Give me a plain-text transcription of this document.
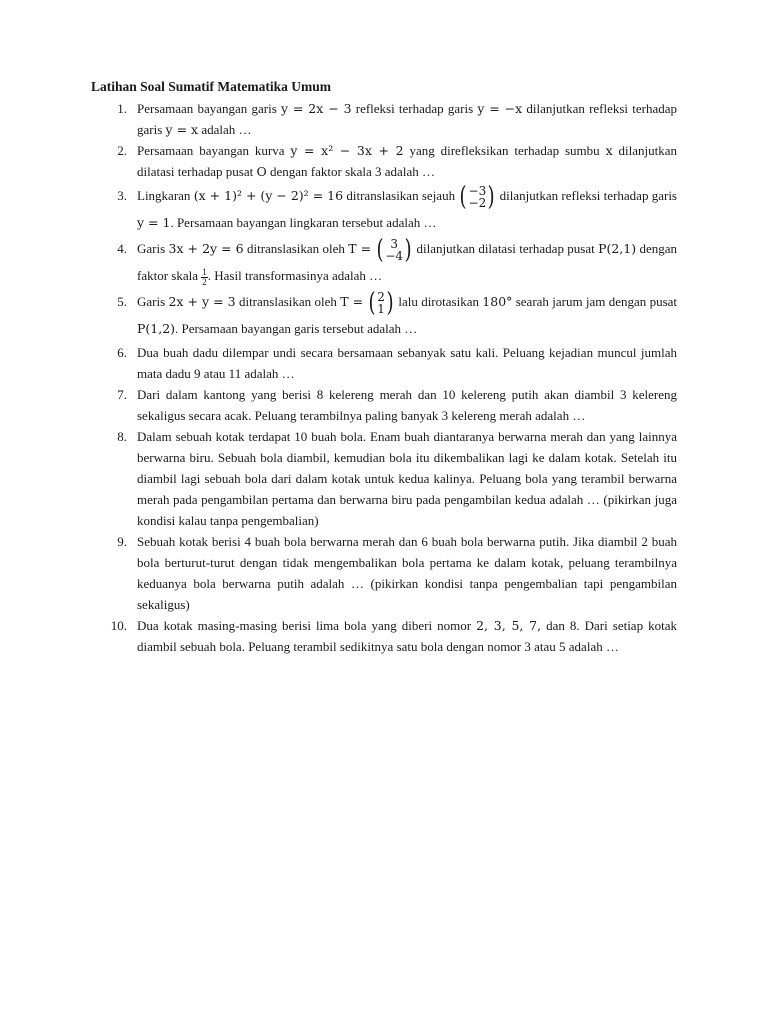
Latihan Soal Sumatif Matematika Umum
1. Persamaan bayangan garis y = 2x − 3 refleksi terhadap garis y = −x dilanjutkan refleksi terhadap garis y = x adalah …
2. Persamaan bayangan kurva y = x² − 3x + 2 yang direfleksikan terhadap sumbu x dilanjutkan dilatasi terhadap pusat O dengan faktor skala 3 adalah …
3. Lingkaran (x + 1)² + (y − 2)² = 16 ditranslasikan sejauh ( −3
−2 ) dilanjutkan refleksi terhadap garis y = 1. Persamaan bayangan lingkaran tersebut adalah …
4. Garis 3x + 2y = 6 ditranslasikan oleh T = ( 3
−4 ) dilanjutkan dilatasi terhadap pusat P(2,1) dengan faktor skala $\frac{1}{2}$ . Hasil transformasinya adalah …
5. Garis 2x + y = 3 ditranslasikan oleh T = ( 2
1 ) lalu dirotasikan 180° searah jarum jam dengan pusat P(1,2). Persamaan bayangan garis tersebut adalah …
6. Dua buah dadu dilempar undi secara bersamaan sebanyak satu kali. Peluang kejadian muncul jumlah mata dadu 9 atau 11 adalah …
7. Dari dalam kantong yang berisi 8 kelereng merah dan 10 kelereng putih akan diambil 3 kelereng sekaligus secara acak. Peluang terambilnya paling banyak 3 kelereng merah adalah …
8. Dalam sebuah kotak terdapat 10 buah bola. Enam buah diantaranya berwarna merah dan yang lainnya berwarna biru. Sebuah bola diambil, kemudian bola itu dikembalikan lagi ke dalam kotak. Setelah itu diambil lagi sebuah bola dari dalam kotak untuk kedua kalinya. Peluang bola yang terambil berwarna merah pada pengambilan pertama dan berwarna biru pada pengambilan kedua adalah … (pikirkan juga kondisi kalau tanpa pengembalian)
9. Sebuah kotak berisi 4 buah bola berwarna merah dan 6 buah bola berwarna putih. Jika diambil 2 buah bola berturut-turut dengan tidak mengembalikan bola pertama ke dalam kotak, peluang terambilnya keduanya bola berwarna putih adalah … (pikirkan kondisi tanpa pengembalian tapi pengambilan sekaligus)
10. Dua kotak masing-masing berisi lima bola yang diberi nomor 2, 3, 5, 7, dan 8. Dari setiap kotak diambil sebuah bola. Peluang terambil sedikitnya satu bola dengan nomor 3 atau 5 adalah …
